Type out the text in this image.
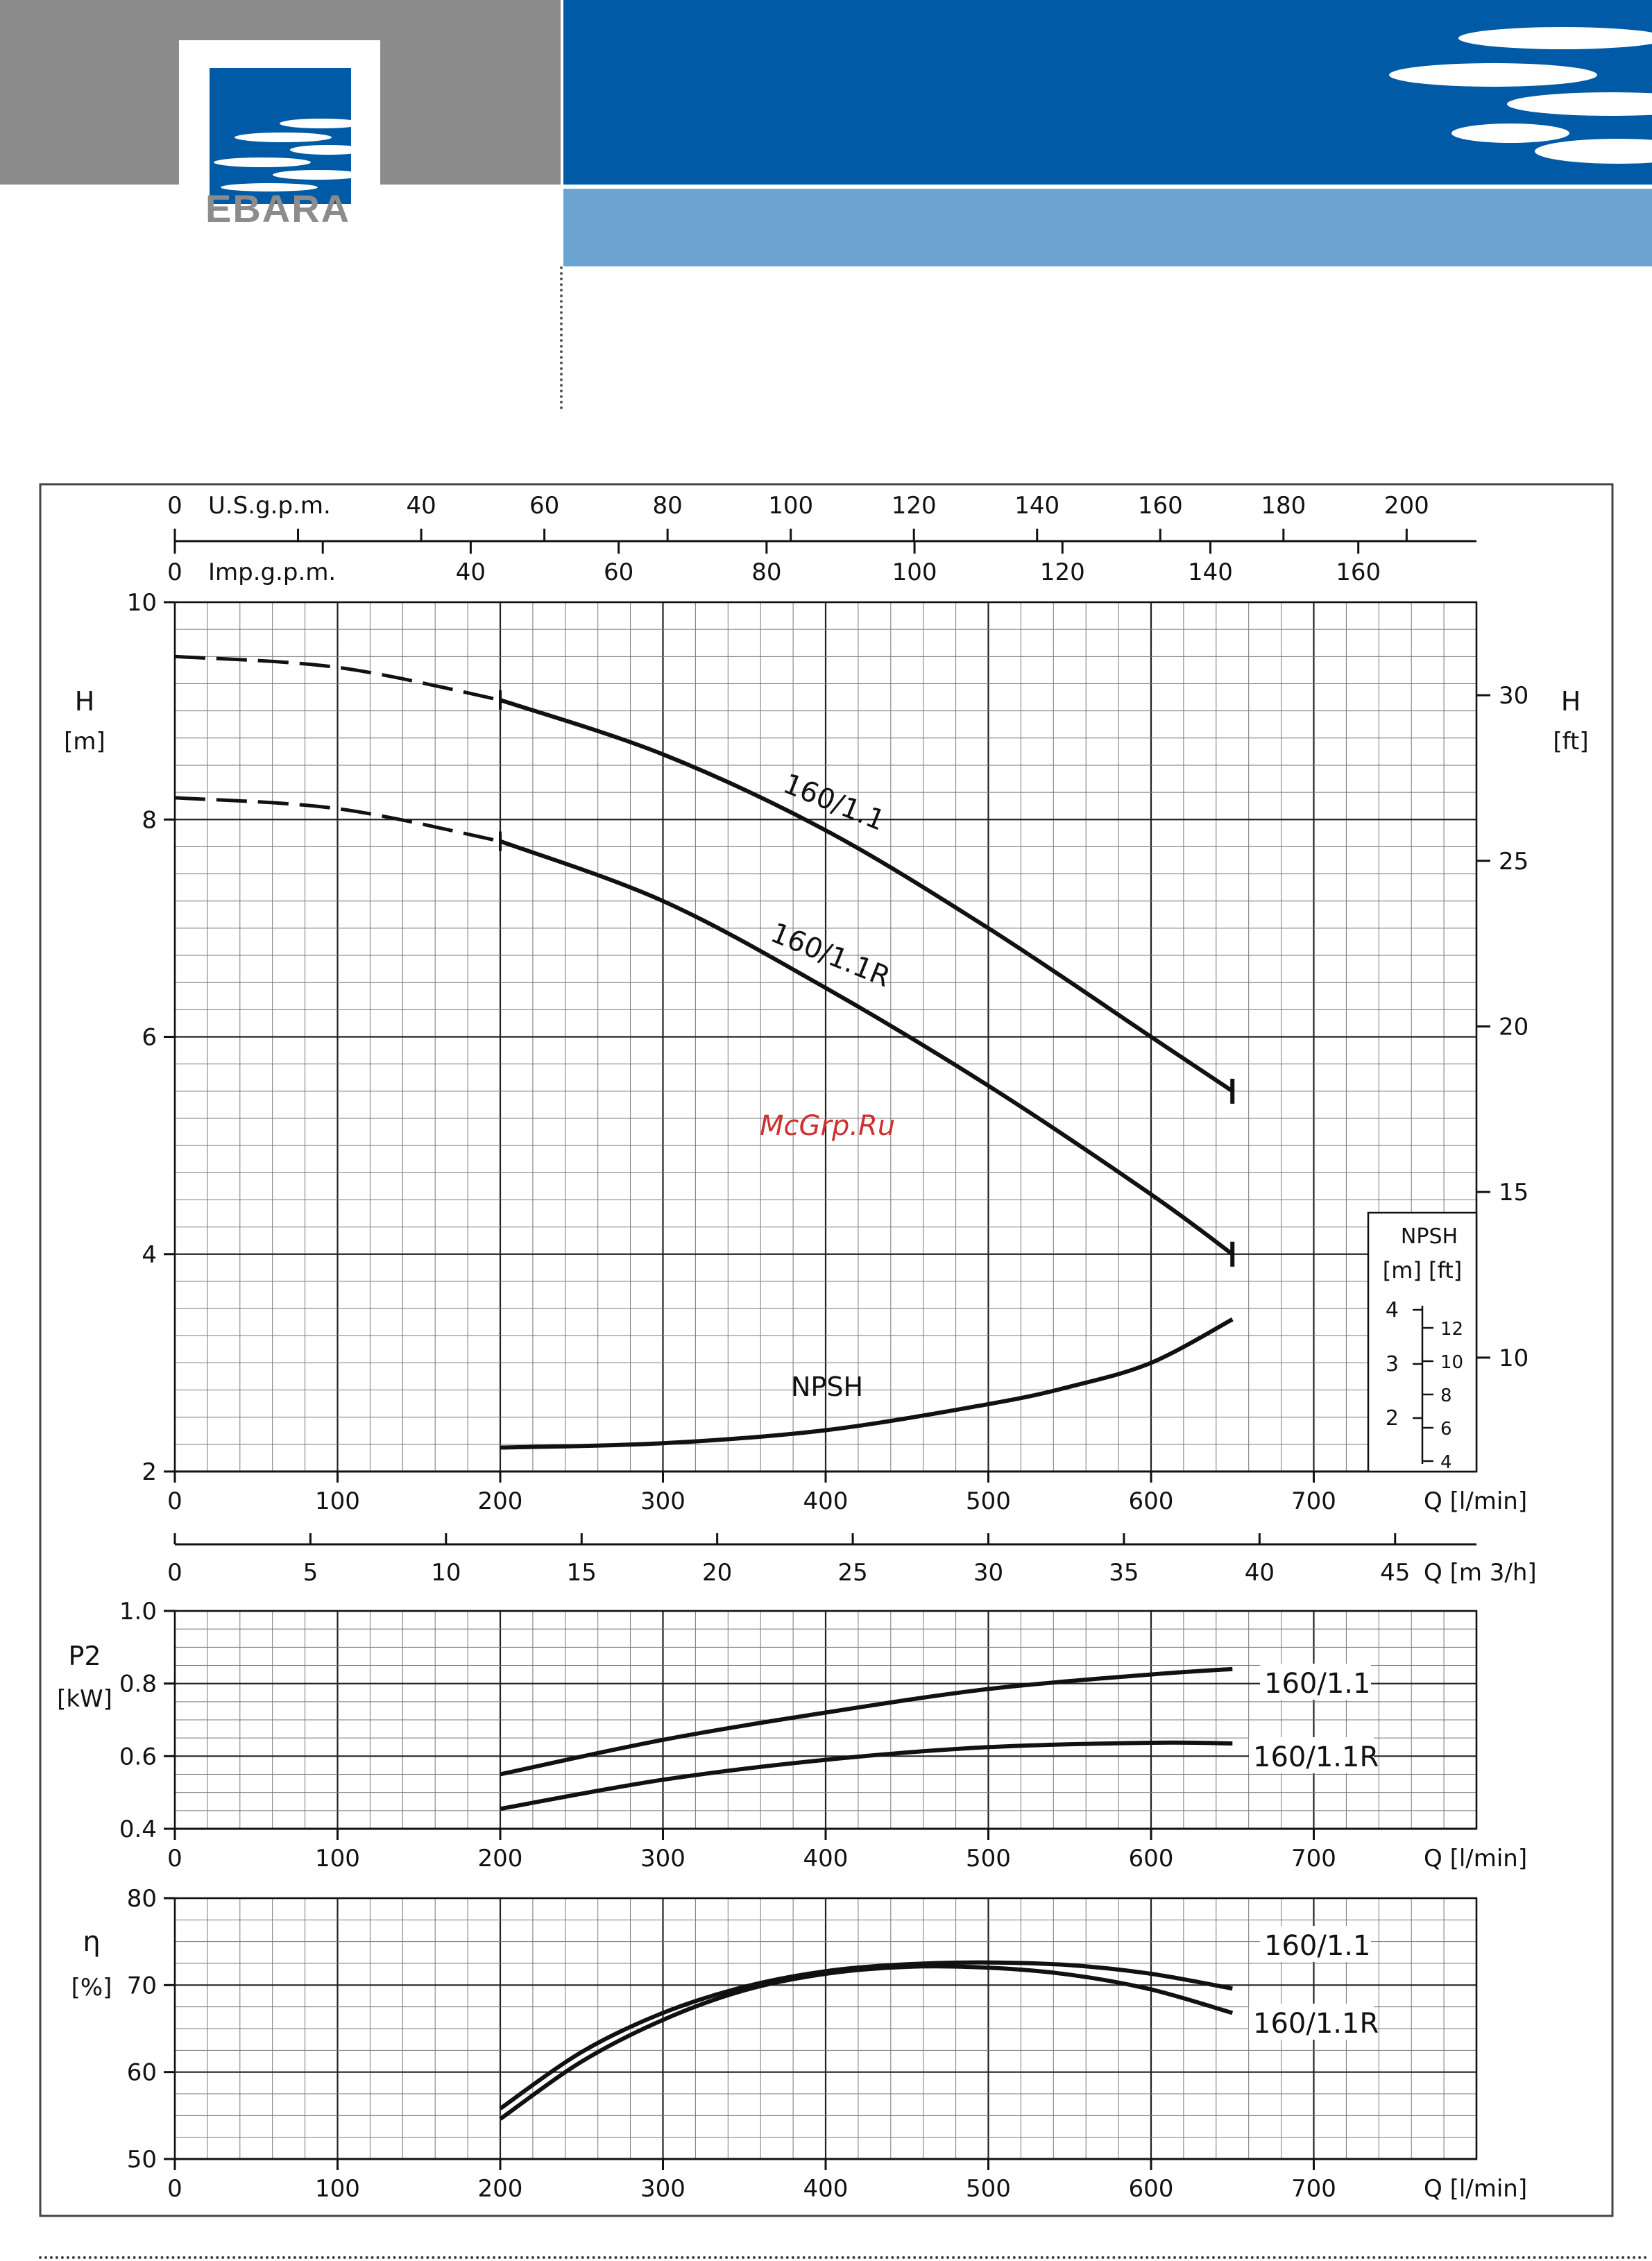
EBARA
0	40	60	80	100	120	140	160	180	200
U.S.g.p.m.
0	40	60	80	100	120	140	160
Imp.g.p.m.
0	100	200	300	400	500	600	700	Q [l/min]
2
4
6
8
10
H
[m]
10
15
20
25
30 H
[ft]
160/1.1
160/1.1R
NPSH
0	5	10	15	20	25	30	35	40	45 Q [m 3/h]
0	100	200	300	400	500	600	700	Q [l/min]
0.4
0.6
0.8
1.0
P2
[kW]	160/1.1
160/1.1R
0	100	200	300	400	500	600	700	Q [l/min]
50
60
70
80
η
[%]
160/1.1
160/1.1R
NPSH
[m] [ft]
2
3
4
4
6
8
10
12
McGrp.Ru
